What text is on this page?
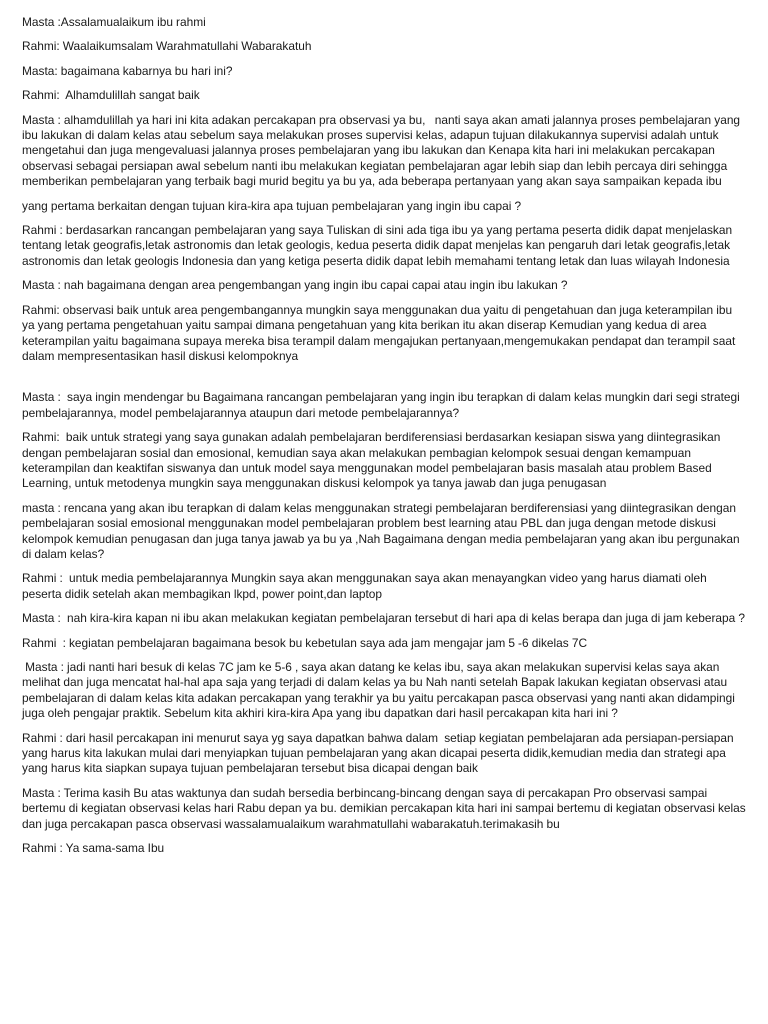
Masta :Assalamualaikum ibu rahmi

Rahmi: Waalaikumsalam Warahmatullahi Wabarakatuh

Masta: bagaimana kabarnya bu hari ini?

Rahmi:  Alhamdulillah sangat baik

Masta : alhamdulillah ya hari ini kita adakan percakapan pra observasi ya bu,   nanti saya akan amati jalannya proses pembelajaran yang ibu lakukan di dalam kelas atau sebelum saya melakukan proses supervisi kelas, adapun tujuan dilakukannya supervisi adalah untuk mengetahui dan juga mengevaluasi jalannya proses pembelajaran yang ibu lakukan dan Kenapa kita hari ini melakukan percakapan observasi sebagai persiapan awal sebelum nanti ibu melakukan kegiatan pembelajaran agar lebih siap dan lebih percaya diri sehingga memberikan pembelajaran yang terbaik bagi murid begitu ya bu ya, ada beberapa pertanyaan yang akan saya sampaikan kepada ibu

yang pertama berkaitan dengan tujuan kira-kira apa tujuan pembelajaran yang ingin ibu capai ?

Rahmi : berdasarkan rancangan pembelajaran yang saya Tuliskan di sini ada tiga ibu ya yang pertama peserta didik dapat menjelaskan tentang letak geografis,letak astronomis dan letak geologis, kedua peserta didik dapat menjelas kan pengaruh dari letak geografis,letak astronomis dan letak geologis Indonesia dan yang ketiga peserta didik dapat lebih memahami tentang letak dan luas wilayah Indonesia

Masta : nah bagaimana dengan area pengembangan yang ingin ibu capai capai atau ingin ibu lakukan ?

Rahmi: observasi baik untuk area pengembangannya mungkin saya menggunakan dua yaitu di pengetahuan dan juga keterampilan ibu ya yang pertama pengetahuan yaitu sampai dimana pengetahuan yang kita berikan itu akan diserap Kemudian yang kedua di area keterampilan yaitu bagaimana supaya mereka bisa terampil dalam mengajukan pertanyaan,mengemukakan pendapat dan terampil saat dalam mempresentasikan hasil diskusi kelompoknya

Masta :  saya ingin mendengar bu Bagaimana rancangan pembelajaran yang ingin ibu terapkan di dalam kelas mungkin dari segi strategi pembelajarannya, model pembelajarannya ataupun dari metode pembelajarannya?

Rahmi:  baik untuk strategi yang saya gunakan adalah pembelajaran berdiferensiasi berdasarkan kesiapan siswa yang diintegrasikan dengan pembelajaran sosial dan emosional, kemudian saya akan melakukan pembagian kelompok sesuai dengan kemampuan keterampilan dan keaktifan siswanya dan untuk model saya menggunakan model pembelajaran basis masalah atau problem Based Learning, untuk metodenya mungkin saya menggunakan diskusi kelompok ya tanya jawab dan juga penugasan

masta : rencana yang akan ibu terapkan di dalam kelas menggunakan strategi pembelajaran berdiferensiasi yang diintegrasikan dengan pembelajaran sosial emosional menggunakan model pembelajaran problem best learning atau PBL dan juga dengan metode diskusi kelompok kemudian penugasan dan juga tanya jawab ya bu ya ,Nah Bagaimana dengan media pembelajaran yang akan ibu pergunakan di dalam kelas?

Rahmi :  untuk media pembelajarannya Mungkin saya akan menggunakan saya akan menayangkan video yang harus diamati oleh peserta didik setelah akan membagikan lkpd, power point,dan laptop

Masta :  nah kira-kira kapan ni ibu akan melakukan kegiatan pembelajaran tersebut di hari apa di kelas berapa dan juga di jam keberapa ?

Rahmi  : kegiatan pembelajaran bagaimana besok bu kebetulan saya ada jam mengajar jam 5 -6 dikelas 7C

Masta : jadi nanti hari besuk di kelas 7C jam ke 5-6 , saya akan datang ke kelas ibu, saya akan melakukan supervisi kelas saya akan melihat dan juga mencatat hal-hal apa saja yang terjadi di dalam kelas ya bu Nah nanti setelah Bapak lakukan kegiatan observasi atau pembelajaran di dalam kelas kita adakan percakapan yang terakhir ya bu yaitu percakapan pasca observasi yang nanti akan didampingi juga oleh pengajar praktik. Sebelum kita akhiri kira-kira Apa yang ibu dapatkan dari hasil percakapan kita hari ini ?

Rahmi : dari hasil percakapan ini menurut saya yg saya dapatkan bahwa dalam  setiap kegiatan pembelajaran ada persiapan-persiapan yang harus kita lakukan mulai dari menyiapkan tujuan pembelajaran yang akan dicapai peserta didik,kemudian media dan strategi apa yang harus kita siapkan supaya tujuan pembelajaran tersebut bisa dicapai dengan baik

Masta : Terima kasih Bu atas waktunya dan sudah bersedia berbincang-bincang dengan saya di percakapan Pro observasi sampai bertemu di kegiatan observasi kelas hari Rabu depan ya bu. demikian percakapan kita hari ini sampai bertemu di kegiatan observasi kelas dan juga percakapan pasca observasi wassalamualaikum warahmatullahi wabarakatuh.terimakasih bu

Rahmi : Ya sama-sama Ibu
